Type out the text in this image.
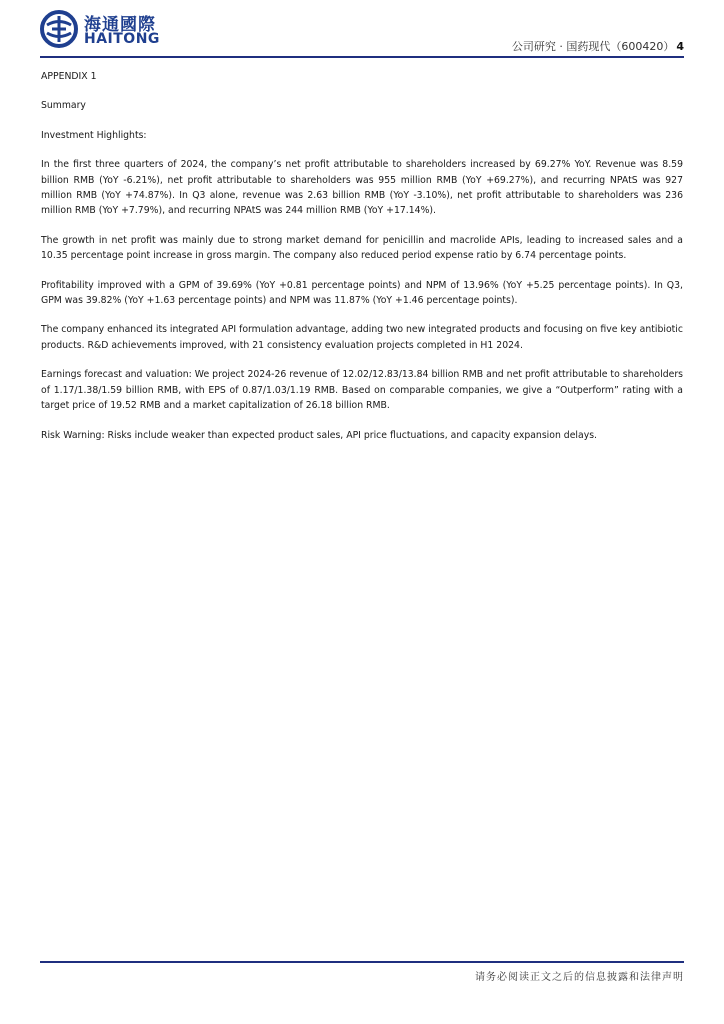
海通國際
HAITONG	公司研究 · 国药现代（600420） 4

APPENDIX 1

Summary

Investment Highlights:

In the first three quarters of 2024, the company’s net profit attributable to shareholders increased by 69.27% YoY. Revenue was 8.59 billion RMB (YoY -6.21%), net profit attributable to shareholders was 955 million RMB (YoY +69.27%), and recurring NPAtS was 927 million RMB (YoY +74.87%). In Q3 alone, revenue was 2.63 billion RMB (YoY -3.10%), net profit attributable to shareholders was 236 million RMB (YoY +7.79%), and recurring NPAtS was 244 million RMB (YoY +17.14%).

The growth in net profit was mainly due to strong market demand for penicillin and macrolide APIs, leading to increased sales and a 10.35 percentage point increase in gross margin. The company also reduced period expense ratio by 6.74 percentage points.

Profitability improved with a GPM of 39.69% (YoY +0.81 percentage points) and NPM of 13.96% (YoY +5.25 percentage points). In Q3, GPM was 39.82% (YoY +1.63 percentage points) and NPM was 11.87% (YoY +1.46 percentage points).

The company enhanced its integrated API formulation advantage, adding two new integrated products and focusing on five key antibiotic products. R&D achievements improved, with 21 consistency evaluation projects completed in H1 2024.

Earnings forecast and valuation: We project 2024-26 revenue of 12.02/12.83/13.84 billion RMB and net profit attributable to shareholders of 1.17/1.38/1.59 billion RMB, with EPS of 0.87/1.03/1.19 RMB. Based on comparable companies, we give a “Outperform” rating with a target price of 19.52 RMB and a market capitalization of 26.18 billion RMB.

Risk Warning: Risks include weaker than expected product sales, API price fluctuations, and capacity expansion delays.

请务必阅读正文之后的信息披露和法律声明
